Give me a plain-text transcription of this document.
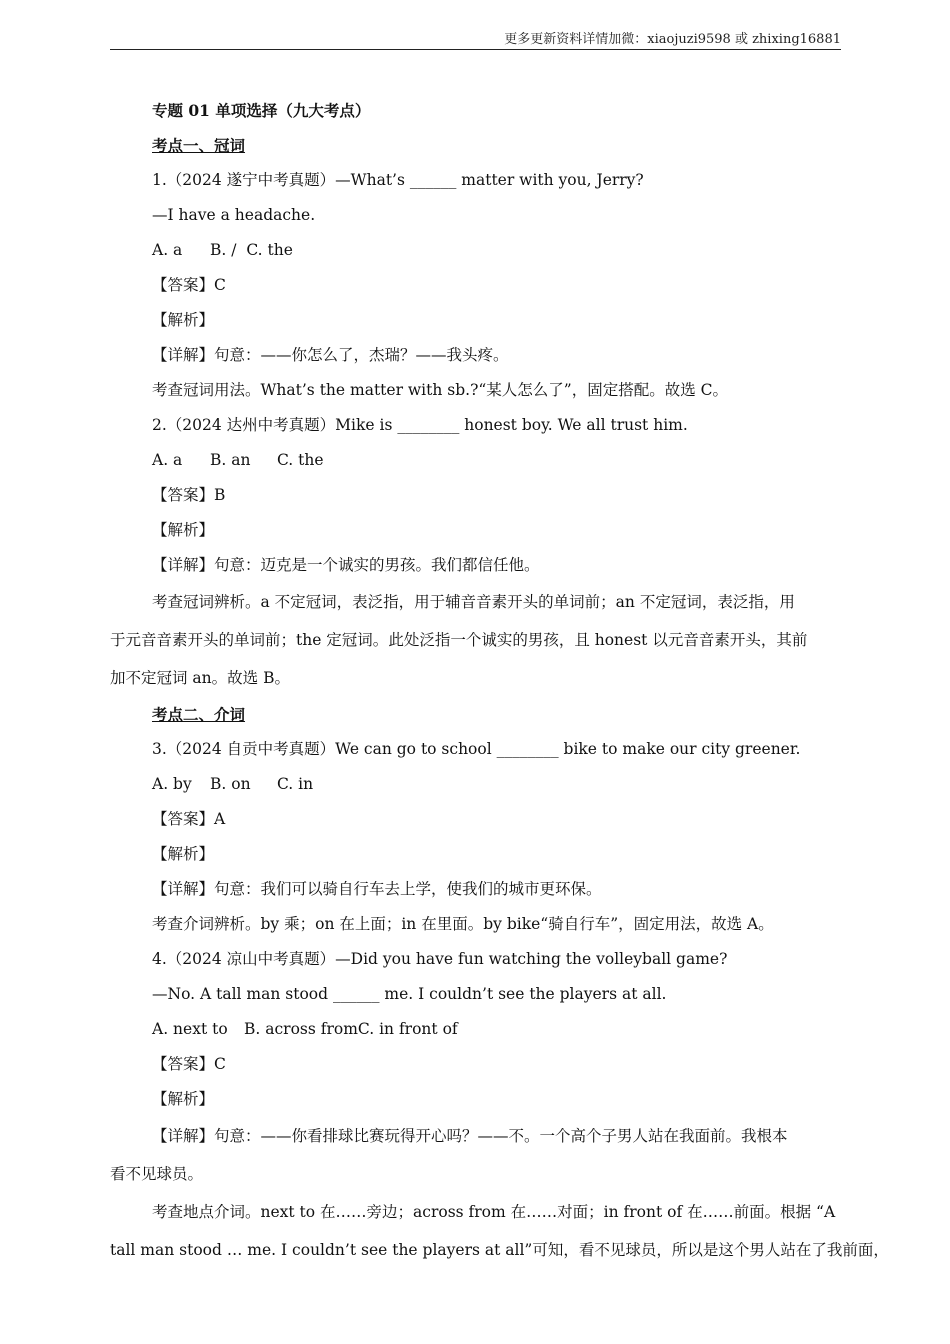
更多更新资料详情加微：xiaojuzi9598 或 zhixing16881
专题 01 单项选择（九大考点）
考点一、冠词
1.（2024 遂宁中考真题）—What’s ______ matter with you, Jerry?
—I have a headache.
A. a B. / C. the
【答案】C
【解析】
【详解】句意：——你怎么了，杰瑞？——我头疼。
考查冠词用法。What’s the matter with sb.?“某人怎么了”，固定搭配。故选 C。
2.（2024 达州中考真题）Mike is ________ honest boy. We all trust him.
A. a B. an C. the
【答案】B
【解析】
【详解】句意：迈克是一个诚实的男孩。我们都信任他。
考查冠词辨析。a 不定冠词，表泛指，用于辅音音素开头的单词前；an 不定冠词，表泛指，用
于元音音素开头的单词前；the 定冠词。此处泛指一个诚实的男孩，且 honest 以元音音素开头，其前
加不定冠词 an。故选 B。
考点二、介词
3.（2024 自贡中考真题）We can go to school ________ bike to make our city greener.
A. by B. on C. in
【答案】A
【解析】
【详解】句意：我们可以骑自行车去上学，使我们的城市更环保。
考查介词辨析。by 乘；on 在上面；in 在里面。by bike“骑自行车”，固定用法，故选 A。
4.（2024 凉山中考真题）—Did you have fun watching the volleyball game?
—No. A tall man stood ______ me. I couldn’t see the players at all.
A. next to B. across fromC. in front of
【答案】C
【解析】
【详解】句意：——你看排球比赛玩得开心吗？——不。一个高个子男人站在我面前。我根本
看不见球员。
考查地点介词。next to 在……旁边；across from 在……对面；in front of 在……前面。根据 “A
tall man stood … me. I couldn’t see the players at all”可知，看不见球员，所以是这个男人站在了我前面，
